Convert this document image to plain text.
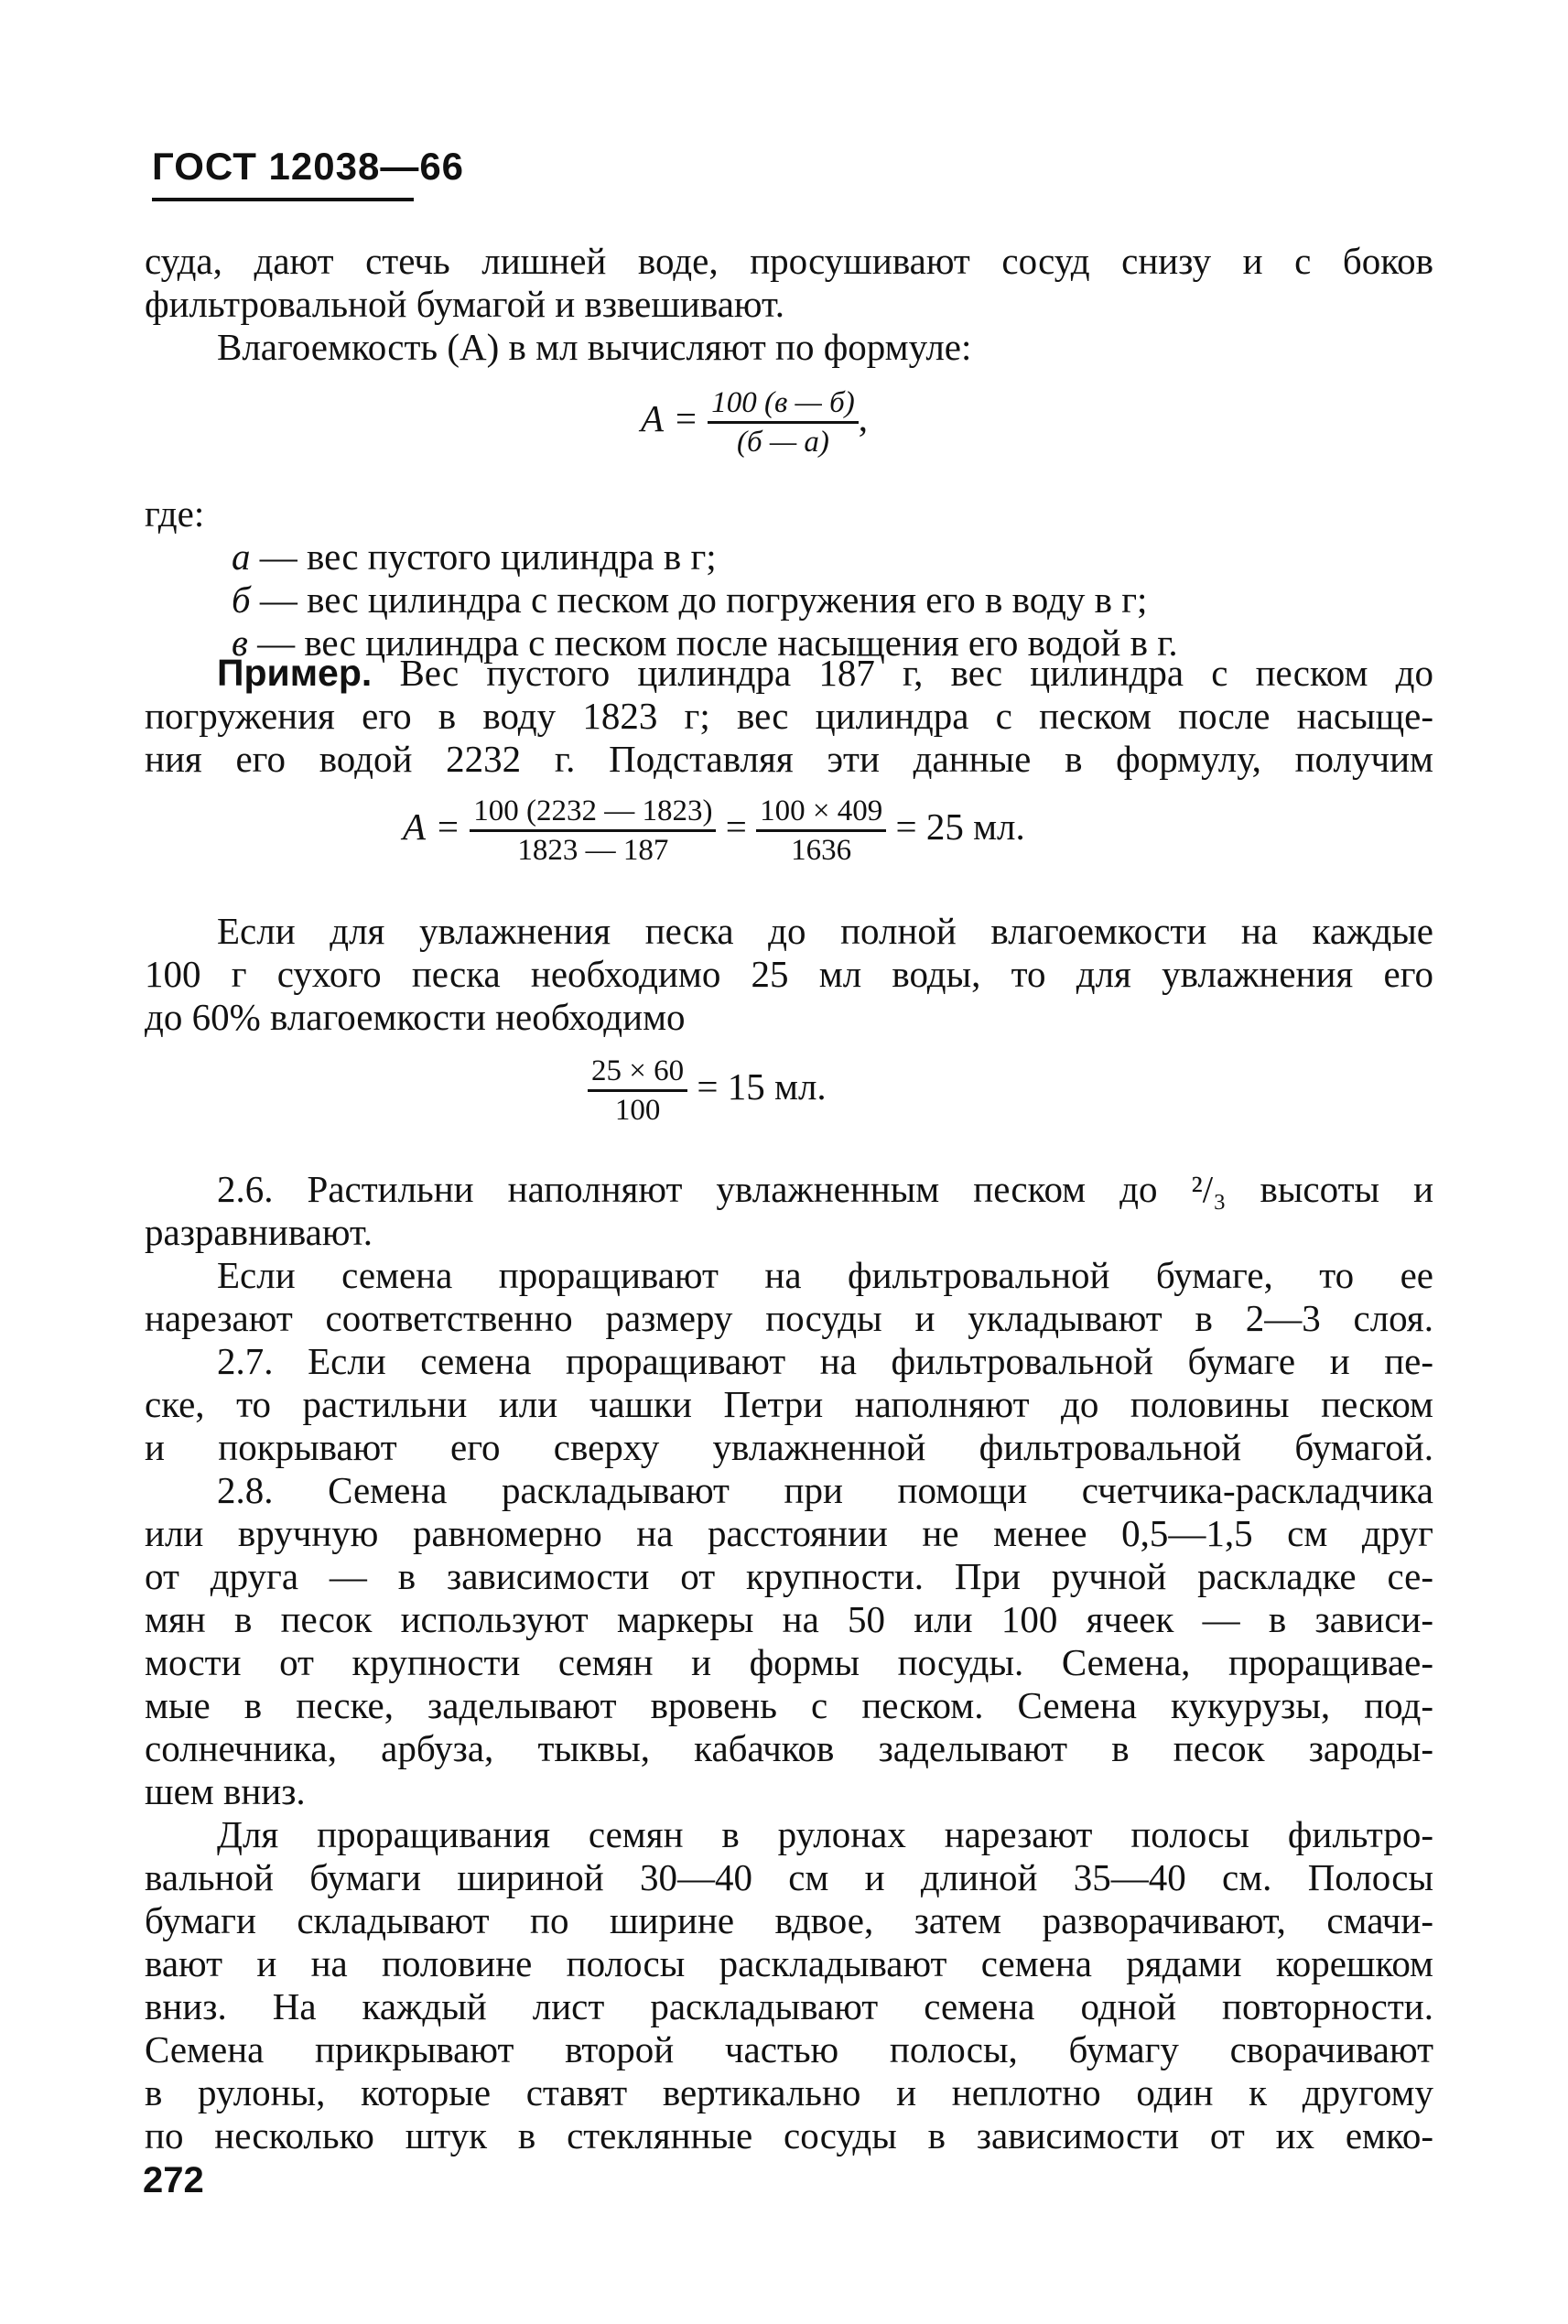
ГОСТ 12038—66
суда, дают стечь лишней воде, просушивают сосуд снизу и с боков
фильтровальной бумагой и взвешивают.
Влагоемкость (А) в мл вычисляют по формуле:
$А = \frac{100 (в — б)}{(б — а)}$ ,
где:
а — вес пустого цилиндра в г;
б — вес цилиндра с песком до погружения его в воду в г;
в — вес цилиндра с песком после насыщения его водой в г.
Пример. Вес пустого цилиндра 187 г, вес цилиндра с песком до
погружения его в воду 1823 г; вес цилиндра с песком после насыще-
ния его водой 2232 г. Подставляя эти данные в формулу, получим
$А = \frac{100 (2232 — 1823)}{1823 — 187} = \frac{100 \times 409}{1636} = 25$ мл.
Если для увлажнения песка до полной влагоемкости на каждые
100 г сухого песка необходимо 25 мл воды, то для увлажнения его
до 60% влагоемкости необходимо
$\frac{25 \times 60}{100} = 15$ мл.
2.6. Растильни наполняют увлажненным песком до ²/₃ высоты и
разравнивают.
Если семена проращивают на фильтровальной бумаге, то ее
нарезают соответственно размеру посуды и укладывают в 2—3 слоя.
2.7. Если семена проращивают на фильтровальной бумаге и пе-
ске, то растильни или чашки Петри наполняют до половины песком
и покрывают его сверху увлажненной фильтровальной бумагой.
2.8. Семена раскладывают при помощи счетчика-раскладчика
или вручную равномерно на расстоянии не менее 0,5—1,5 см друг
от друга — в зависимости от крупности. При ручной раскладке се-
мян в песок используют маркеры на 50 или 100 ячеек — в зависи-
мости от крупности семян и формы посуды. Семена, проращивае-
мые в песке, заделывают вровень с песком. Семена кукурузы, под-
солнечника, арбуза, тыквы, кабачков заделывают в песок зароды-
шем вниз.
Для проращивания семян в рулонах нарезают полосы фильтро-
вальной бумаги шириной 30—40 см и длиной 35—40 см. Полосы
бумаги складывают по ширине вдвое, затем разворачивают, смачи-
вают и на половине полосы раскладывают семена рядами корешком
вниз. На каждый лист раскладывают семена одной повторности.
Семена прикрывают второй частью полосы, бумагу сворачивают
в рулоны, которые ставят вертикально и неплотно один к другому
по несколько штук в стеклянные сосуды в зависимости от их емко-
272
